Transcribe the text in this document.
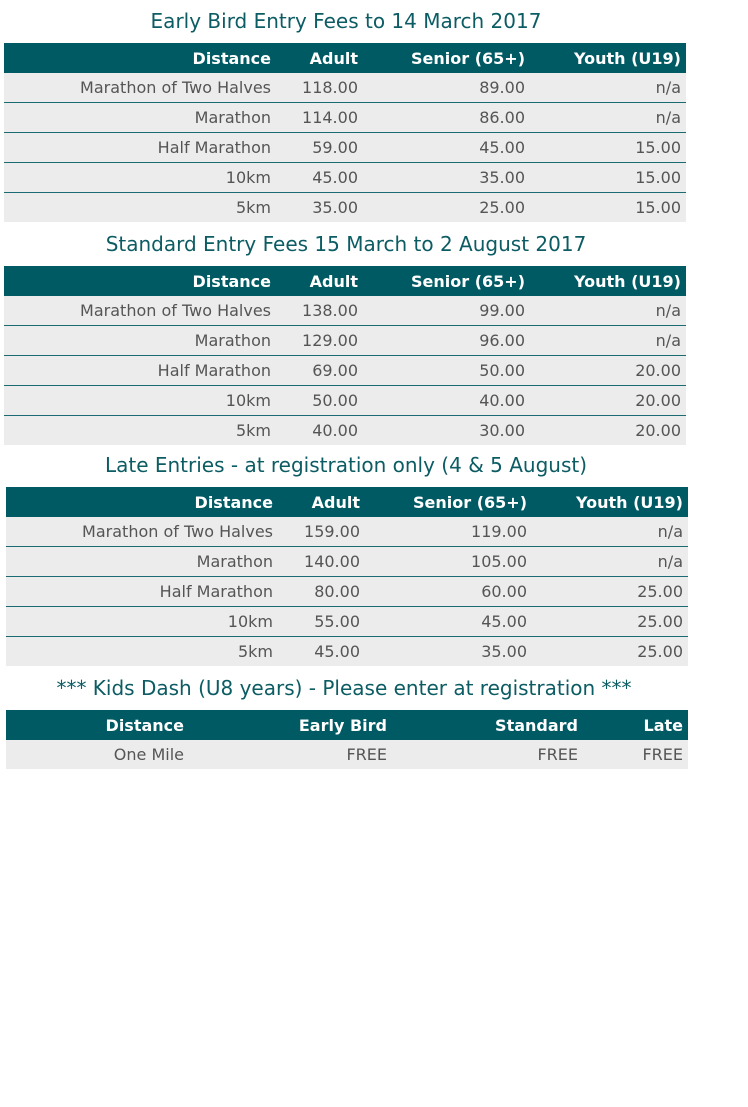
Early Bird Entry Fees to 14 March 2017
Distance	Adult	Senior (65+)	Youth (U19)
Marathon of Two Halves	118.00	89.00	n/a
Marathon	114.00	86.00	n/a
Half Marathon	59.00	45.00	15.00
10km	45.00	35.00	15.00
5km	35.00	25.00	15.00
Standard Entry Fees 15 March to 2 August 2017
Distance	Adult	Senior (65+)	Youth (U19)
Marathon of Two Halves	138.00	99.00	n/a
Marathon	129.00	96.00	n/a
Half Marathon	69.00	50.00	20.00
10km	50.00	40.00	20.00
5km	40.00	30.00	20.00
Late Entries - at registration only (4 & 5 August)
Distance	Adult	Senior (65+)	Youth (U19)
Marathon of Two Halves	159.00	119.00	n/a
Marathon	140.00	105.00	n/a
Half Marathon	80.00	60.00	25.00
10km	55.00	45.00	25.00
5km	45.00	35.00	25.00
*** Kids Dash (U8 years) - Please enter at registration ***
Distance	Early Bird	Standard	Late
One Mile	FREE	FREE	FREE
